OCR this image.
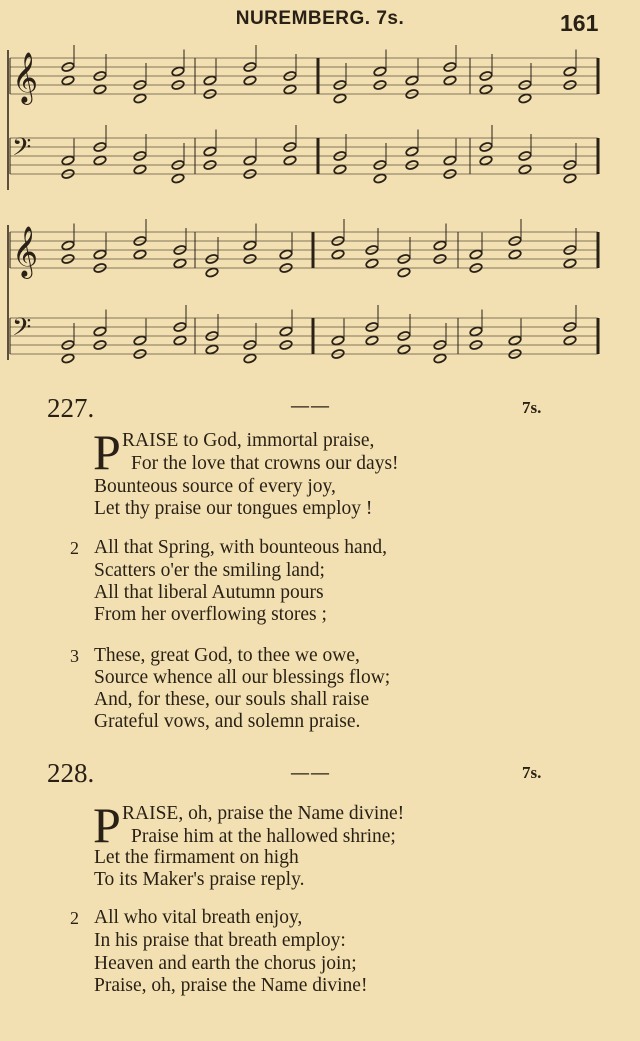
NUREMBERG. 7s.	161
𝄞
𝄢
𝄞
𝄢
227.	——	7s.
P RAISE to God, immortal praise,
For the love that crowns our days!
Bounteous source of every joy,
Let thy praise our tongues employ !
2 All that Spring, with bounteous hand,
Scatters o'er the smiling land;
All that liberal Autumn pours
From her overflowing stores ;
3 These, great God, to thee we owe,
Source whence all our blessings flow;
And, for these, our souls shall raise
Grateful vows, and solemn praise.
228.	——	7s.
P RAISE, oh, praise the Name divine!
Praise him at the hallowed shrine;
Let the firmament on high
To its Maker's praise reply.
2 All who vital breath enjoy,
In his praise that breath employ:
Heaven and earth the chorus join;
Praise, oh, praise the Name divine!
